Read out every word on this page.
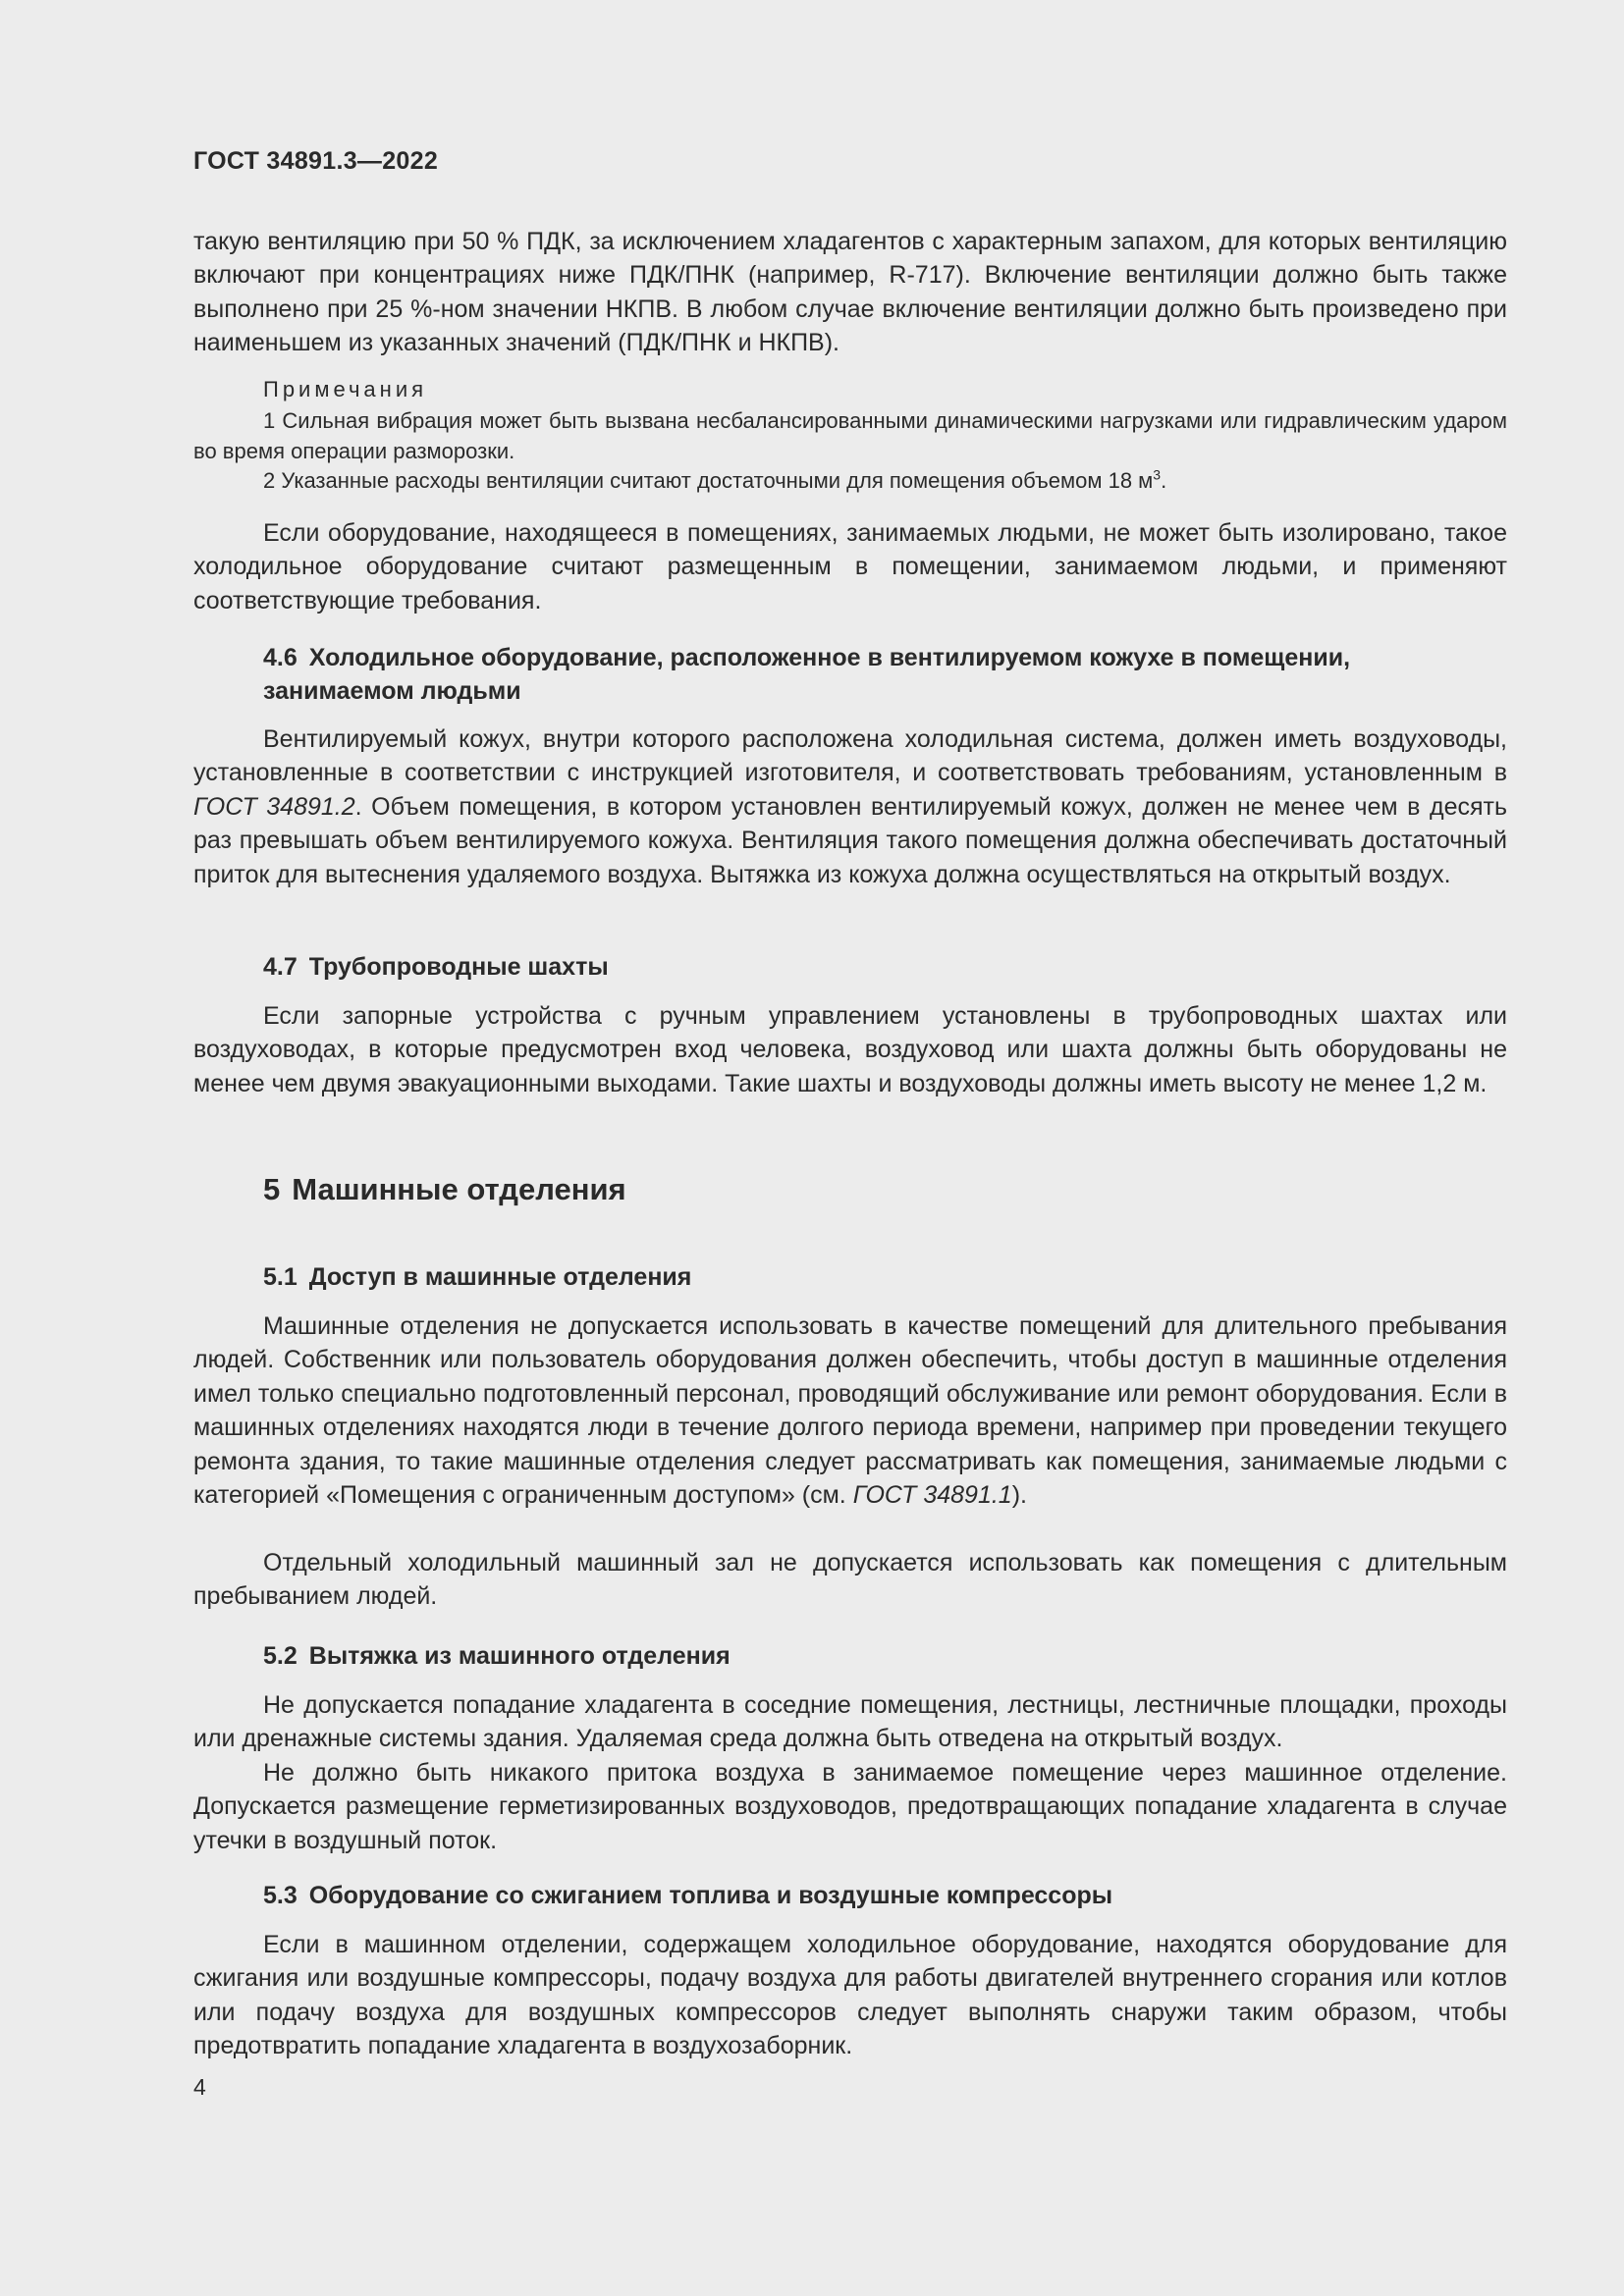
ГОСТ 34891.3—2022

такую вентиляцию при 50 % ПДК, за исключением хладагентов с характерным запахом, для которых вентиляцию включают при концентрациях ниже ПДК/ПНК (например, R-717). Включение вентиляции должно быть также выполнено при 25 %-ном значении НКПВ. В любом случае включение вентиляции должно быть произведено при наименьшем из указанных значений (ПДК/ПНК и НКПВ).

Примечания

1 Сильная вибрация может быть вызвана несбалансированными динамическими нагрузками или гидравлическим ударом во время операции разморозки.

2 Указанные расходы вентиляции считают достаточными для помещения объемом 18 $м^3$.

Если оборудование, находящееся в помещениях, занимаемых людьми, не может быть изолировано, такое холодильное оборудование считают размещенным в помещении, занимаемом людьми, и применяют соответствующие требования.

4.6 Холодильное оборудование, расположенное в вентилируемом кожухе в помещении, занимаемом людьми

Вентилируемый кожух, внутри которого расположена холодильная система, должен иметь воздуховоды, установленные в соответствии с инструкцией изготовителя, и соответствовать требованиям, установленным в ГОСТ 34891.2. Объем помещения, в котором установлен вентилируемый кожух, должен не менее чем в десять раз превышать объем вентилируемого кожуха. Вентиляция такого помещения должна обеспечивать достаточный приток для вытеснения удаляемого воздуха. Вытяжка из кожуха должна осуществляться на открытый воздух.

4.7 Трубопроводные шахты

Если запорные устройства с ручным управлением установлены в трубопроводных шахтах или воздуховодах, в которые предусмотрен вход человека, воздуховод или шахта должны быть оборудованы не менее чем двумя эвакуационными выходами. Такие шахты и воздуховоды должны иметь высоту не менее 1,2 м.

5 Машинные отделения
5.1 Доступ в машинные отделения

Машинные отделения не допускается использовать в качестве помещений для длительного пребывания людей. Собственник или пользователь оборудования должен обеспечить, чтобы доступ в машинные отделения имел только специально подготовленный персонал, проводящий обслуживание или ремонт оборудования. Если в машинных отделениях находятся люди в течение долгого периода времени, например при проведении текущего ремонта здания, то такие машинные отделения следует рассматривать как помещения, занимаемые людьми с категорией «Помещения с ограниченным доступом» (см. ГОСТ 34891.1).

Отдельный холодильный машинный зал не допускается использовать как помещения с длительным пребыванием людей.

5.2 Вытяжка из машинного отделения

Не допускается попадание хладагента в соседние помещения, лестницы, лестничные площадки, проходы или дренажные системы здания. Удаляемая среда должна быть отведена на открытый воздух.

Не должно быть никакого притока воздуха в занимаемое помещение через машинное отделение. Допускается размещение герметизированных воздуховодов, предотвращающих попадание хладагента в случае утечки в воздушный поток.

5.3 Оборудование со сжиганием топлива и воздушные компрессоры

Если в машинном отделении, содержащем холодильное оборудование, находятся оборудование для сжигания или воздушные компрессоры, подачу воздуха для работы двигателей внутреннего сгорания или котлов или подачу воздуха для воздушных компрессоров следует выполнять снаружи таким образом, чтобы предотвратить попадание хладагента в воздухозаборник.

4
